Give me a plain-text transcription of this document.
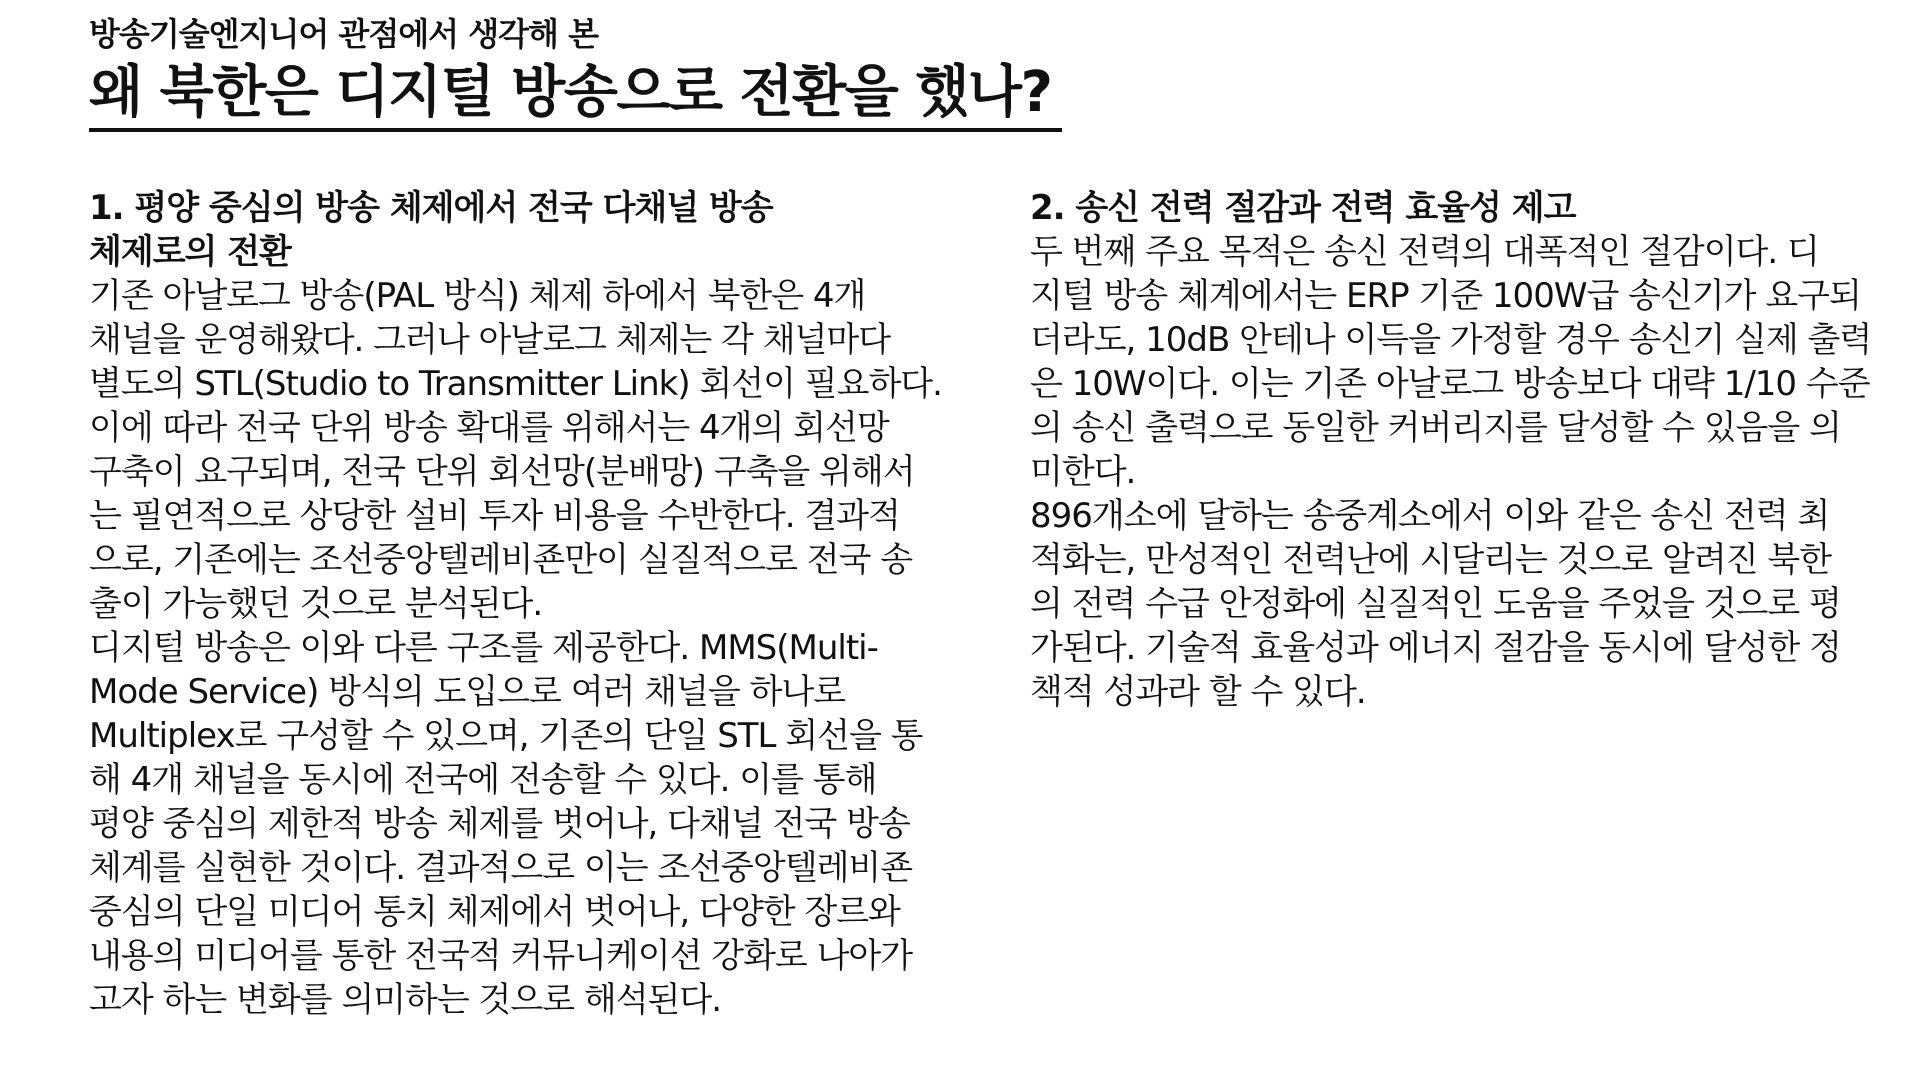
방송기술엔지니어 관점에서 생각해 본
왜 북한은 디지털 방송으로 전환을 했나?
1. 평양 중심의 방송 체제에서 전국 다채널 방송
체제로의 전환
기존 아날로그 방송(PAL 방식) 체제 하에서 북한은 4개
채널을 운영해왔다. 그러나 아날로그 체제는 각 채널마다
별도의 STL(Studio to Transmitter Link) 회선이 필요하다.
이에 따라 전국 단위 방송 확대를 위해서는 4개의 회선망
구축이 요구되며, 전국 단위 회선망(분배망) 구축을 위해서
는 필연적으로 상당한 설비 투자 비용을 수반한다. 결과적
으로, 기존에는 조선중앙텔레비죤만이 실질적으로 전국 송
출이 가능했던 것으로 분석된다.
디지털 방송은 이와 다른 구조를 제공한다. MMS(Multi-
Mode Service) 방식의 도입으로 여러 채널을 하나로
Multiplex로 구성할 수 있으며, 기존의 단일 STL 회선을 통
해 4개 채널을 동시에 전국에 전송할 수 있다. 이를 통해
평양 중심의 제한적 방송 체제를 벗어나, 다채널 전국 방송
체계를 실현한 것이다. 결과적으로 이는 조선중앙텔레비죤
중심의 단일 미디어 통치 체제에서 벗어나, 다양한 장르와
내용의 미디어를 통한 전국적 커뮤니케이션 강화로 나아가
고자 하는 변화를 의미하는 것으로 해석된다.
2. 송신 전력 절감과 전력 효율성 제고
두 번째 주요 목적은 송신 전력의 대폭적인 절감이다. 디
지털 방송 체계에서는 ERP 기준 100W급 송신기가 요구되
더라도, 10dB 안테나 이득을 가정할 경우 송신기 실제 출력
은 10W이다. 이는 기존 아날로그 방송보다 대략 1/10 수준
의 송신 출력으로 동일한 커버리지를 달성할 수 있음을 의
미한다.
896개소에 달하는 송중계소에서 이와 같은 송신 전력 최
적화는, 만성적인 전력난에 시달리는 것으로 알려진 북한
의 전력 수급 안정화에 실질적인 도움을 주었을 것으로 평
가된다. 기술적 효율성과 에너지 절감을 동시에 달성한 정
책적 성과라 할 수 있다.
